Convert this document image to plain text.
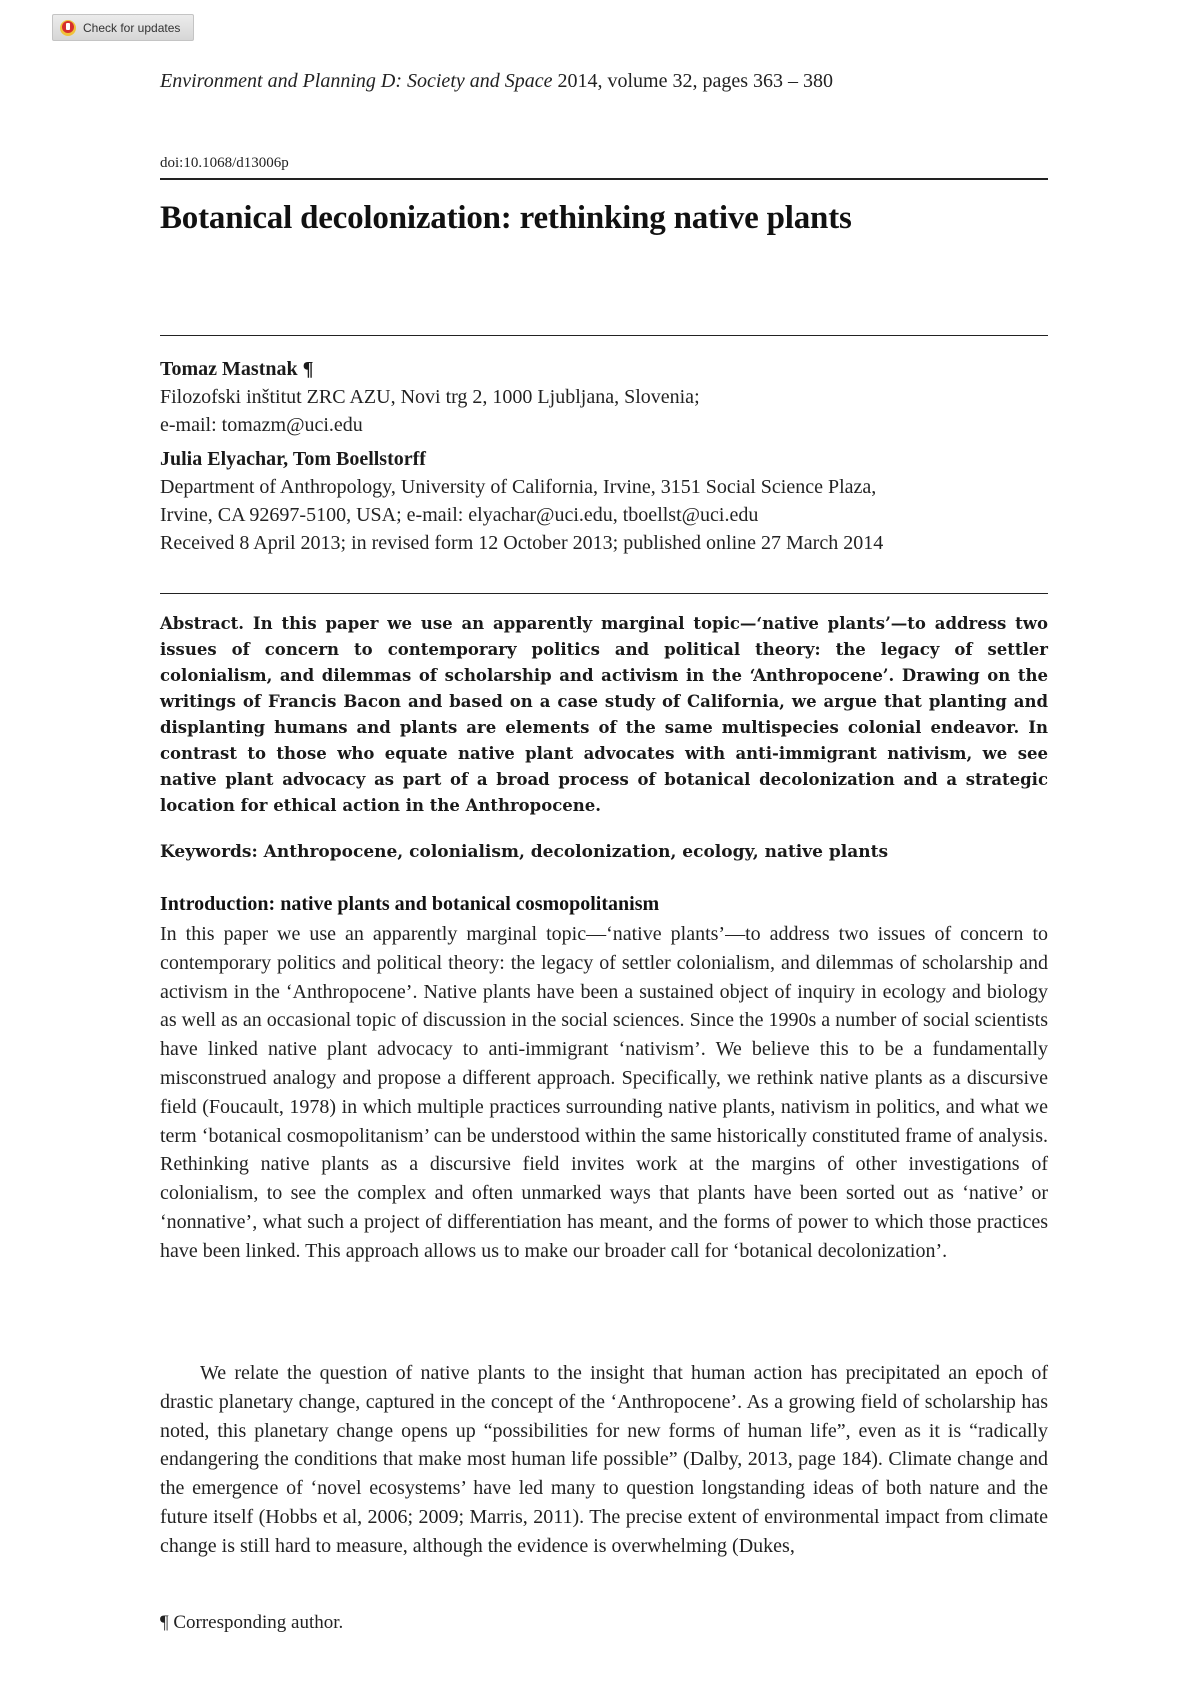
Check for updates
Environment and Planning D: Society and Space 2014, volume 32, pages 363 – 380
doi:10.1068/d13006p
Botanical decolonization: rethinking native plants
Tomaz Mastnak ¶
Filozofski inštitut ZRC AZU, Novi trg 2, 1000 Ljubljana, Slovenia;
e-mail: tomazm@uci.edu
Julia Elyachar, Tom Boellstorff
Department of Anthropology, University of California, Irvine, 3151 Social Science Plaza,
Irvine, CA 92697-5100, USA; e-mail: elyachar@uci.edu, tboellst@uci.edu
Received 8 April 2013; in revised form 12 October 2013; published online 27 March 2014

Abstract. In this paper we use an apparently marginal topic—‘native plants’—to address two issues of concern to contemporary politics and political theory: the legacy of settler colonialism, and dilemmas of scholarship and activism in the ‘Anthropocene’. Drawing on the writings of Francis Bacon and based on a case study of California, we argue that planting and displanting humans and plants are elements of the same multispecies colonial endeavor. In contrast to those who equate native plant advocates with anti-immigrant nativism, we see native plant advocacy as part of a broad process of botanical decolonization and a strategic location for ethical action in the Anthropocene.

Keywords: Anthropocene, colonialism, decolonization, ecology, native plants
Introduction: native plants and botanical cosmopolitanism

In this paper we use an apparently marginal topic—‘native plants’—to address two issues of concern to contemporary politics and political theory: the legacy of settler colonialism, and dilemmas of scholarship and activism in the ‘Anthropocene’. Native plants have been a sustained object of inquiry in ecology and biology as well as an occasional topic of discussion in the social sciences. Since the 1990s a number of social scientists have linked native plant advocacy to anti-immigrant ‘nativism’. We believe this to be a fundamentally misconstrued analogy and propose a different approach. Specifically, we rethink native plants as a discursive field (Foucault, 1978) in which multiple practices surrounding native plants, nativism in politics, and what we term ‘botanical cosmopolitanism’ can be understood within the same historically constituted frame of analysis. Rethinking native plants as a discursive field invites work at the margins of other investigations of colonialism, to see the complex and often unmarked ways that plants have been sorted out as ‘native’ or ‘nonnative’, what such a project of differentiation has meant, and the forms of power to which those practices have been linked. This approach allows us to make our broader call for ‘botanical decolonization’.

We relate the question of native plants to the insight that human action has precipitated an epoch of drastic planetary change, captured in the concept of the ‘Anthropocene’. As a growing field of scholarship has noted, this planetary change opens up “possibilities for new forms of human life”, even as it is “radically endangering the conditions that make most human life possible” (Dalby, 2013, page 184). Climate change and the emergence of ‘novel ecosystems’ have led many to question longstanding ideas of both nature and the future itself (Hobbs et al, 2006; 2009; Marris, 2011). The precise extent of environmental impact from climate change is still hard to measure, although the evidence is overwhelming (Dukes,

¶ Corresponding author.
